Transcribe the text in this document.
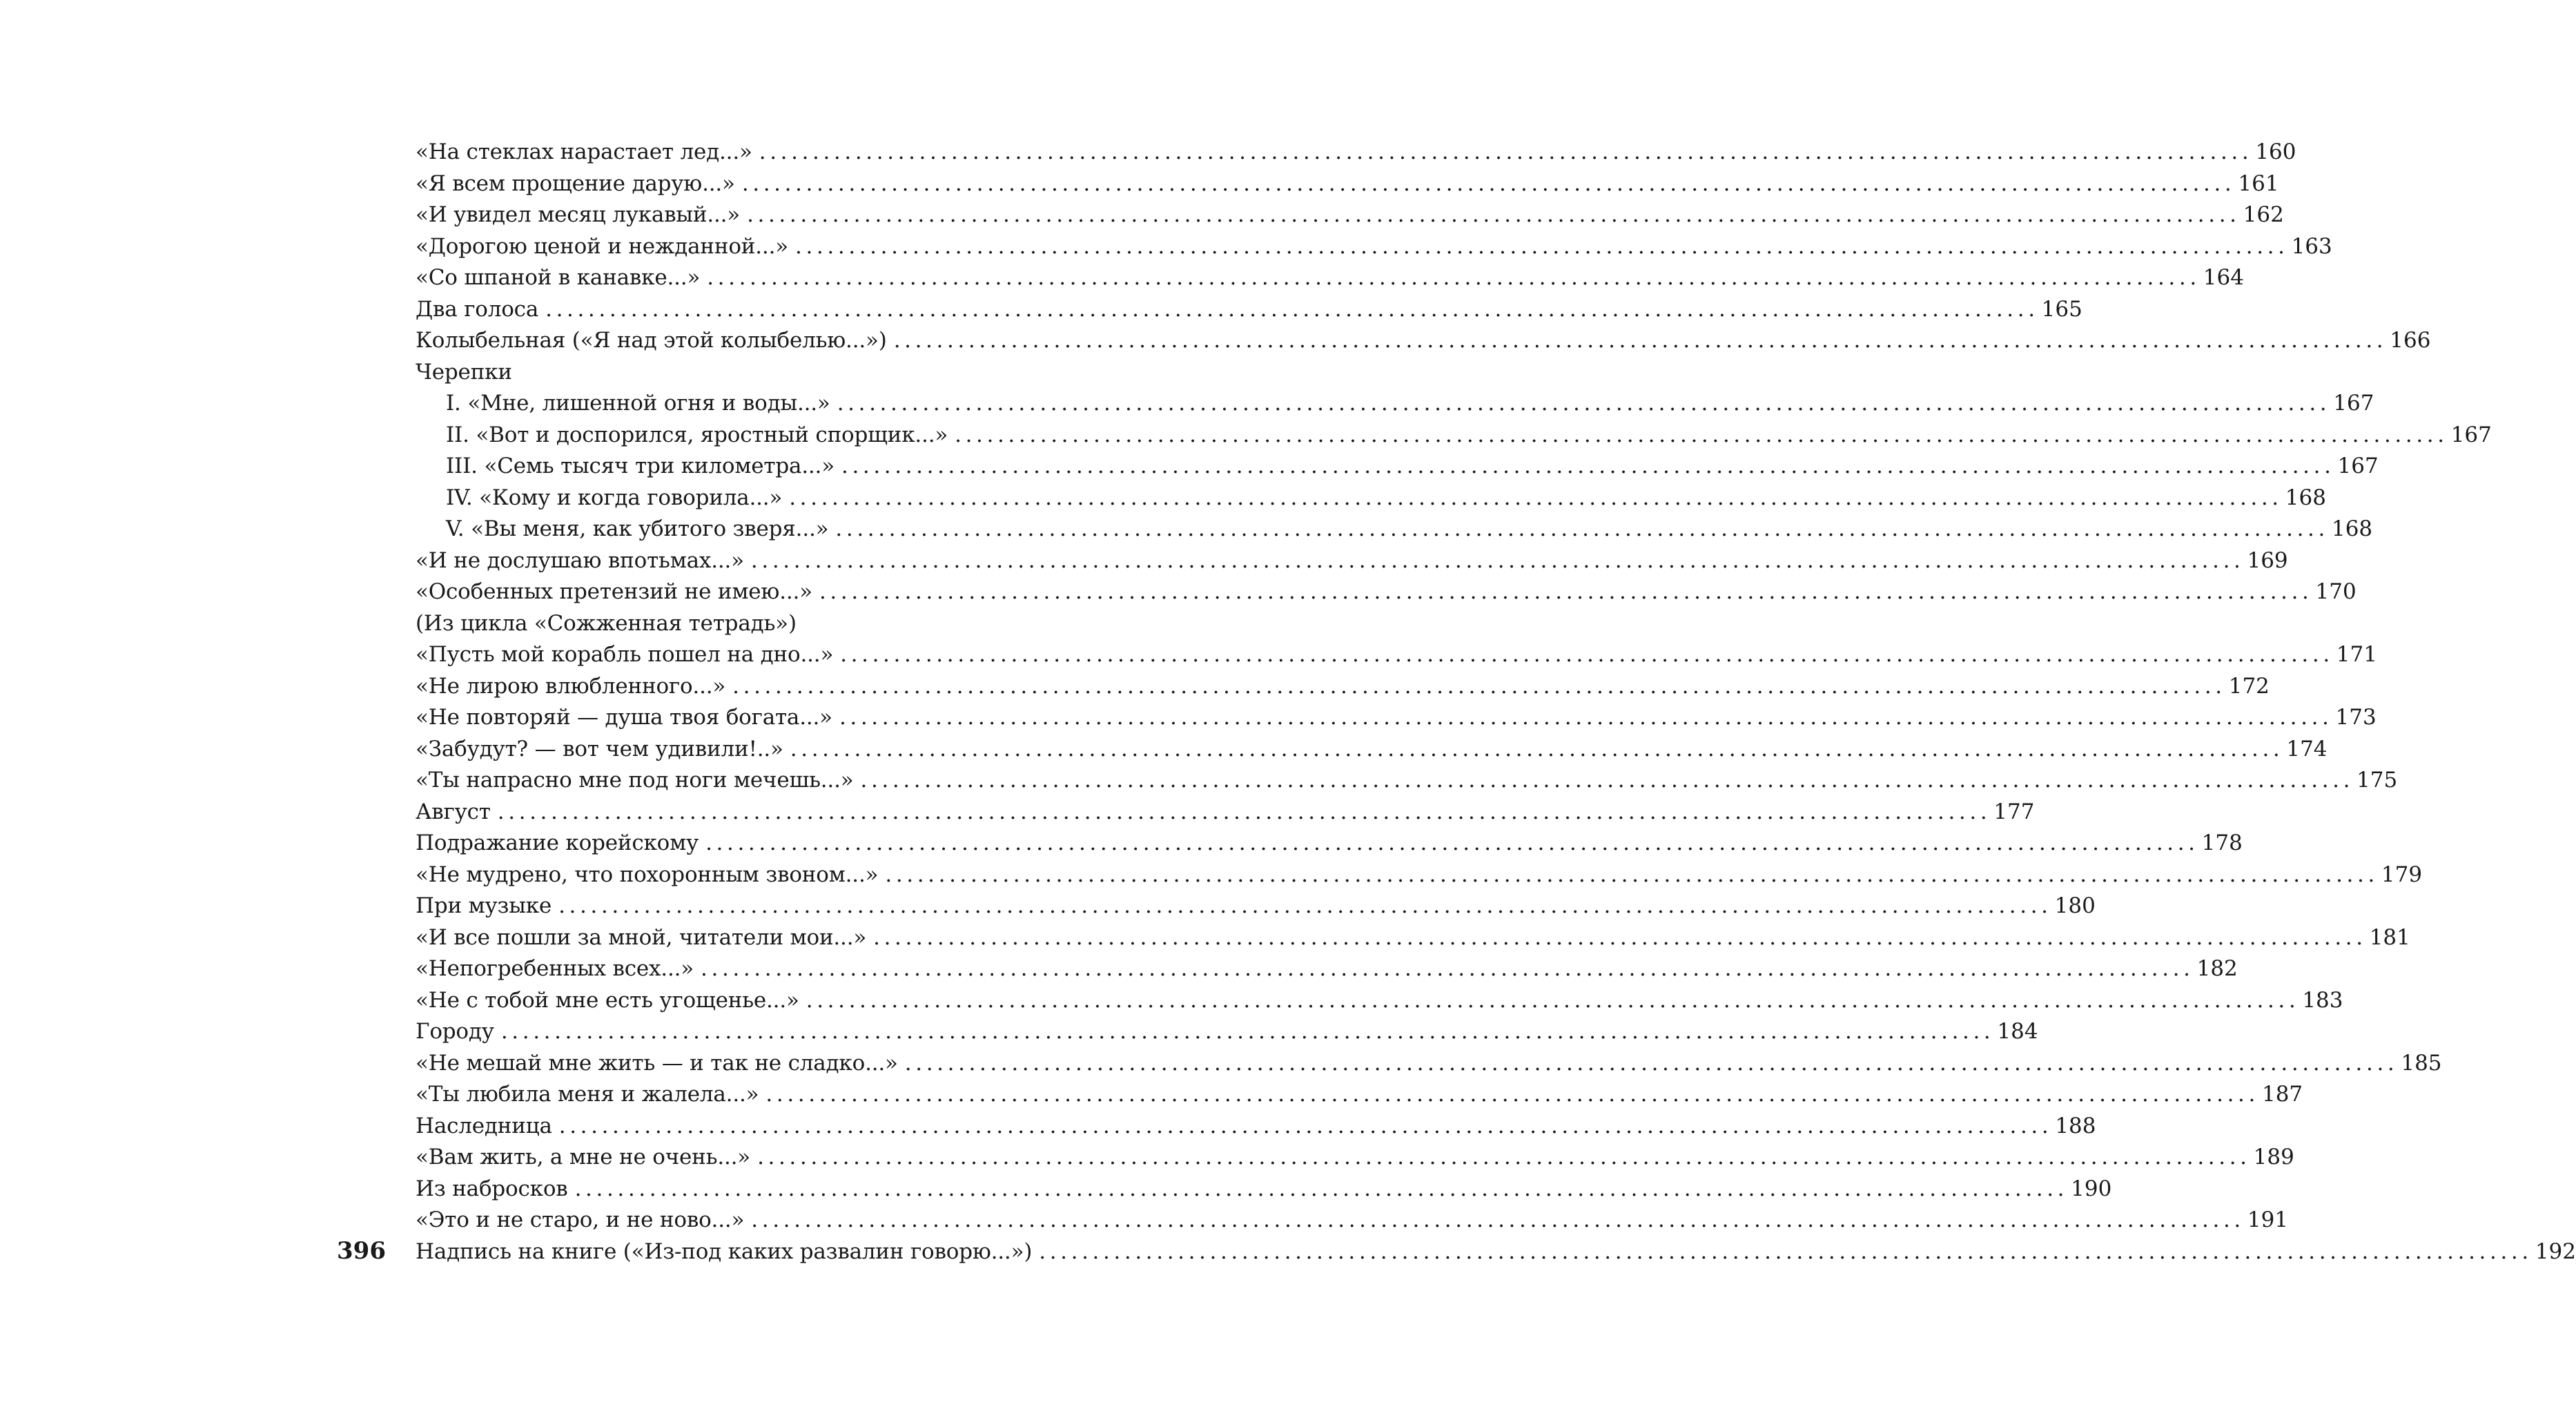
«На стеклах нарастает лед...» ............................................................................................................................................ 160
«Я всем прощение дарую...» ............................................................................................................................................ 161
«И увидел месяц лукавый...» ............................................................................................................................................ 162
«Дорогою ценой и нежданной...» ............................................................................................................................................ 163
«Со шпаной в канавке...» ............................................................................................................................................ 164
Два голоса ............................................................................................................................................ 165
Колыбельная («Я над этой колыбелью...») ............................................................................................................................................ 166
Черепки
I. «Мне, лишенной огня и воды...» ............................................................................................................................................ 167
II. «Вот и доспорился, яростный спорщик...» ............................................................................................................................................ 167
III. «Семь тысяч три километра...» ............................................................................................................................................ 167
IV. «Кому и когда говорила...» ............................................................................................................................................ 168
V. «Вы меня, как убитого зверя...» ............................................................................................................................................ 168
«И не дослушаю впотьмах...» ............................................................................................................................................ 169
«Особенных претензий не имею...» ............................................................................................................................................ 170
(Из цикла «Сожженная тетрадь»)
«Пусть мой корабль пошел на дно...» ............................................................................................................................................ 171
«Не лирою влюбленного...» ............................................................................................................................................ 172
«Не повторяй — душа твоя богата...» ............................................................................................................................................ 173
«Забудут? — вот чем удивили!..» ............................................................................................................................................ 174
«Ты напрасно мне под ноги мечешь...» ............................................................................................................................................ 175
Август ............................................................................................................................................ 177
Подражание корейскому ............................................................................................................................................ 178
«Не мудрено, что похоронным звоном...» ............................................................................................................................................ 179
При музыке ............................................................................................................................................ 180
«И все пошли за мной, читатели мои...» ............................................................................................................................................ 181
«Непогребенных всех...» ............................................................................................................................................ 182
«Не с тобой мне есть угощенье...» ............................................................................................................................................ 183
Городу ............................................................................................................................................ 184
«Не мешай мне жить — и так не сладко...» ............................................................................................................................................ 185
«Ты любила меня и жалела...» ............................................................................................................................................ 187
Наследница ............................................................................................................................................ 188
«Вам жить, а мне не очень...» ............................................................................................................................................ 189
Из набросков ............................................................................................................................................ 190
«Это и не старо, и не ново...» ............................................................................................................................................ 191
Надпись на книге («Из-под каких развалин говорю...») ............................................................................................................................................ 192
396
